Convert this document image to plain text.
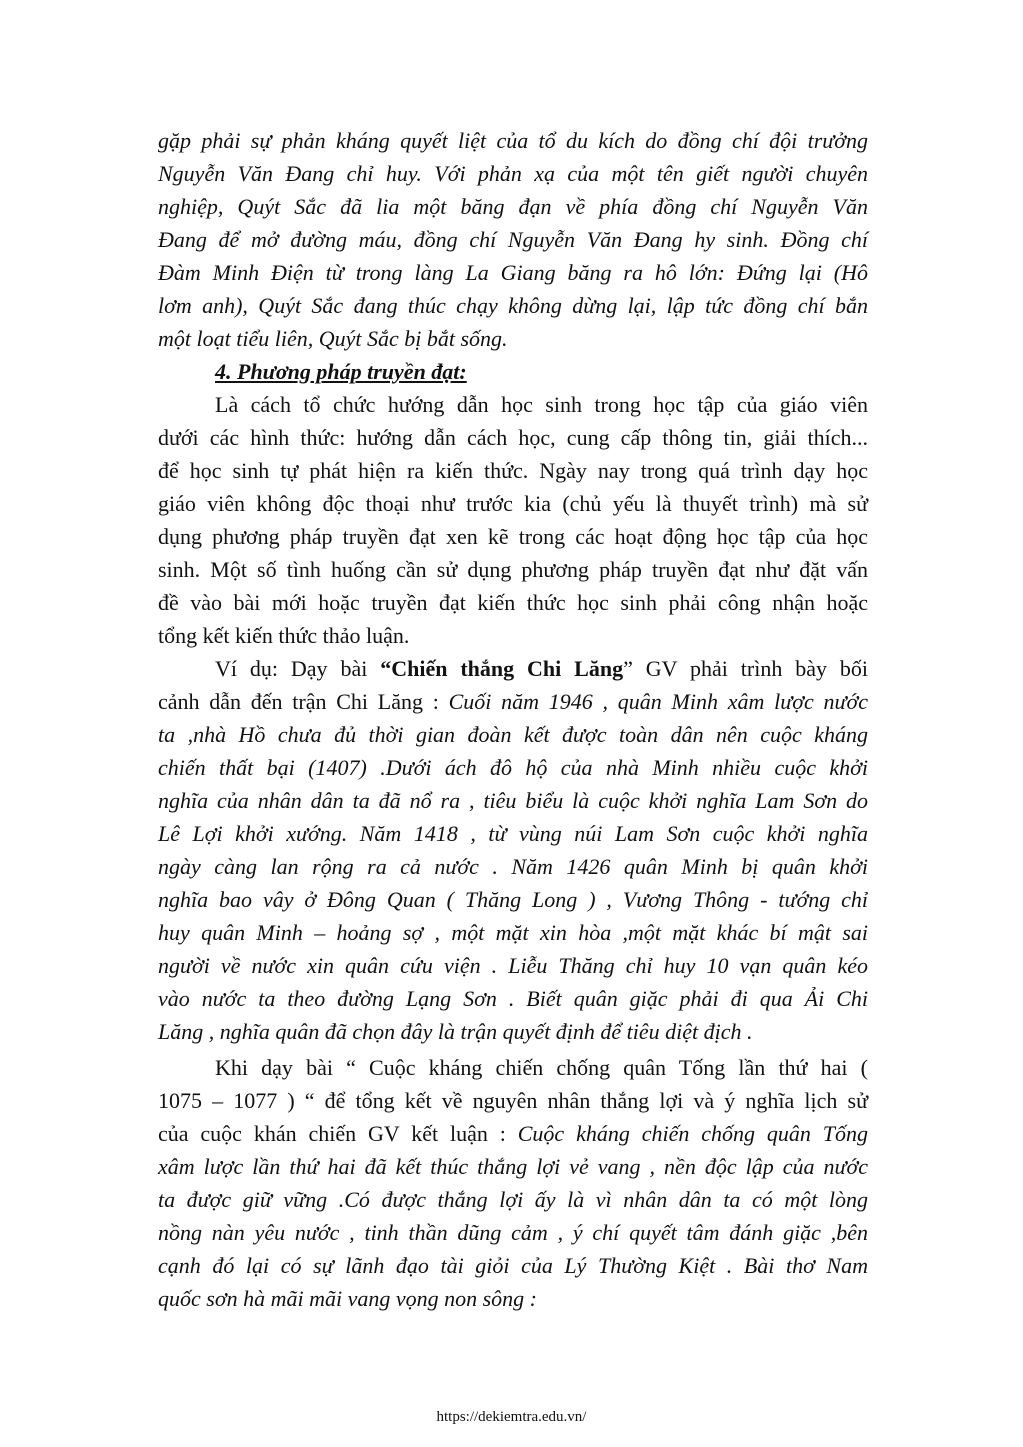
gặp phải sự phản kháng quyết liệt của tổ du kích do đồng chí đội trưởng
Nguyễn Văn Đang chỉ huy. Với phản xạ của một tên giết người chuyên
nghiệp, Quýt Sắc đã lia một băng đạn về phía đồng chí Nguyễn Văn
Đang để mở đường máu, đồng chí Nguyễn Văn Đang hy sinh. Đồng chí
Đàm Minh Điện từ trong làng La Giang băng ra hô lớn: Đứng lại (Hô
lơm anh), Quýt Sắc đang thúc chạy không dừng lại, lập tức đồng chí bắn
một loạt tiểu liên, Quýt Sắc bị bắt sống.
4. Phương pháp truyền đạt:
Là cách tổ chức hướng dẫn học sinh trong học tập của giáo viên
dưới các hình thức: hướng dẫn cách học, cung cấp thông tin, giải thích...
để học sinh tự phát hiện ra kiến thức. Ngày nay trong quá trình dạy học
giáo viên không độc thoại như trước kia (chủ yếu là thuyết trình) mà sử
dụng phương pháp truyền đạt xen kẽ trong các hoạt động học tập của học
sinh. Một số tình huống cần sử dụng phương pháp truyền đạt như đặt vấn
đề vào bài mới hoặc truyền đạt kiến thức học sinh phải công nhận hoặc
tổng kết kiến thức thảo luận.
Ví dụ: Dạy bài “Chiến thắng Chi Lăng” GV phải trình bày bối
cảnh dẫn đến trận Chi Lăng : Cuối năm 1946 , quân Minh xâm lược nước
ta ,nhà Hồ chưa đủ thời gian đoàn kết được toàn dân nên cuộc kháng
chiến thất bại (1407) .Dưới ách đô hộ của nhà Minh nhiều cuộc khởi
nghĩa của nhân dân ta đã nổ ra , tiêu biểu là cuộc khởi nghĩa Lam Sơn do
Lê Lợi khởi xướng. Năm 1418 , từ vùng núi Lam Sơn cuộc khởi nghĩa
ngày càng lan rộng ra cả nước . Năm 1426 quân Minh bị quân khởi
nghĩa bao vây ở Đông Quan ( Thăng Long ) , Vương Thông - tướng chỉ
huy quân Minh – hoảng sợ , một mặt xin hòa ,một mặt khác bí mật sai
người về nước xin quân cứu viện . Liễu Thăng chỉ huy 10 vạn quân kéo
vào nước ta theo đường Lạng Sơn . Biết quân giặc phải đi qua Ải Chi
Lăng , nghĩa quân đã chọn đây là trận quyết định để tiêu diệt địch .
Khi dạy bài “ Cuộc kháng chiến chống quân Tống lần thứ hai (
1075 – 1077 ) “ để tổng kết về nguyên nhân thắng lợi và ý nghĩa lịch sử
của cuộc khán chiến GV kết luận : Cuộc kháng chiến chống quân Tống
xâm lược lần thứ hai đã kết thúc thắng lợi vẻ vang , nền độc lập của nước
ta được giữ vững .Có được thắng lợi ấy là vì nhân dân ta có một lòng
nồng nàn yêu nước , tinh thần dũng cảm , ý chí quyết tâm đánh giặc ,bên
cạnh đó lại có sự lãnh đạo tài giỏi của Lý Thường Kiệt . Bài thơ Nam
quốc sơn hà mãi mãi vang vọng non sông :
https://dekiemtra.edu.vn/
